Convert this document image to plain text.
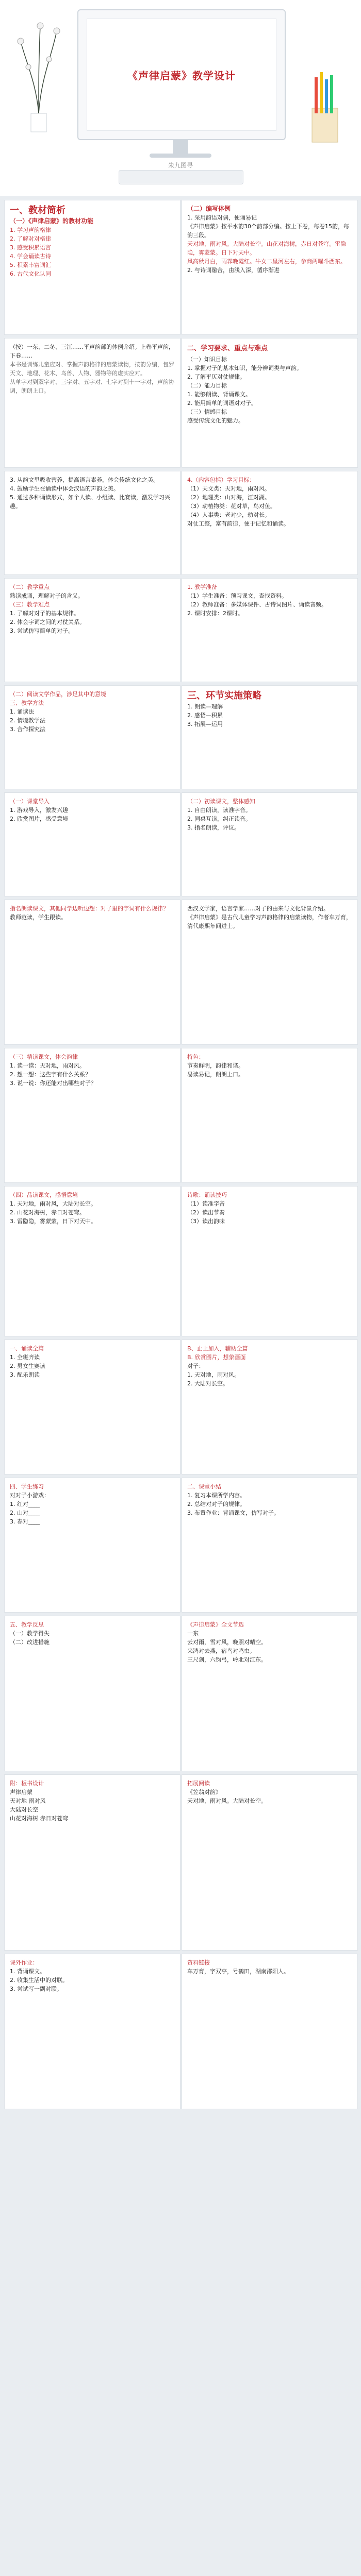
《声律启蒙》教学设计
朱九图寻
一、教材简析
（一）《声律启蒙》的教材功能
1. 学习声韵格律
2. 了解对对格律
3. 感受积累语言
4. 学会诵读古诗
5. 积累丰富词汇
6. 古代文化认同
（二）编写体例
1. 采用韵语对偶，便诵易记
《声律启蒙》按平水韵30个韵部分编。按上下卷，每卷15韵，每韵三段。
天对地，雨对风。大陆对长空。山花对海树，赤日对苍穹。雷隐隐，雾蒙蒙。日下对天中。
风高秋月白，雨霁晚霞红。牛女二星河左右，参商两曜斗西东。
2. 与诗词融合，由浅入深，循序渐进
（按）一东、二冬、三江……平声韵部的体例介绍。上卷平声韵，下卷……
本书是训练儿童应对、掌握声韵格律的启蒙读物，按韵分编，包罗天文、地理、花木、鸟兽、人物、器物等的虚实应对。
从单字对到双字对、三字对、五字对、七字对到十一字对，声韵协调，朗朗上口。
二、学习要求、重点与难点
（一）知识目标
1. 掌握对子的基本知识，能分辨词类与声韵。
2. 了解平仄对仗规律。
（二）能力目标
1. 能够朗读、背诵课文。
2. 能用简单的词语对对子。
（三）情感目标
感受传统文化的魅力。
3. 从韵文里吸收营养，提高语言素养，体会传统文化之美。
4. 鼓励学生在诵读中体会汉语的声韵之美。
5. 通过多种诵读形式，如个人读、小组读、比赛读，激发学习兴趣。
4.（内容包括）学习目标：
（1）天文类：天对地，雨对风。
（2）地理类：山对海，江对湖。
（3）动植物类：花对草，鸟对鱼。
（4）人事类：老对少，幼对长。
对仗工整，富有韵律，便于记忆和诵读。
（二）教学重点
熟读成诵，理解对子的含义。
（三）教学难点
1. 了解对对子的基本规律。
2. 体会字词之间的对仗关系。
3. 尝试仿写简单的对子。
1. 教学准备
（1）学生准备：预习课文，查找资料。
（2）教师准备：多媒体课件、古诗词图片、诵读音频。
2. 课时安排：2课时。
（二）阅读文学作品，涉足其中的意境
三、教学方法
1. 诵读法
2. 情境教学法
3. 合作探究法
三、环节实施策略
1. 朗读—理解
2. 感悟—积累
3. 拓展—运用
（一）课堂导入
1. 游戏导入，激发兴趣
2. 欣赏图片，感受意境
（二）初读课文，整体感知
1. 自由朗读，读准字音。
2. 同桌互读，纠正读音。
3. 指名朗读，评议。
指名朗读课文，其他同学边听边想：对子里的字词有什么规律？
教师范读，学生跟读。
西汉文学家，语言学家……对子的由来与文化背景介绍。
《声律启蒙》是古代儿童学习声韵格律的启蒙读物，作者车万育，清代康熙年间进士。
（三）精读课文，体会韵律
1. 读一读：天对地，雨对风。
2. 想一想：这些字有什么关系？
3. 说一说：你还能对出哪些对子？
特色：
节奏鲜明，韵律和谐。
易读易记，朗朗上口。
（四）品读课文，感悟意境
1. 天对地，雨对风，大陆对长空。
2. 山花对海树，赤日对苍穹。
3. 雷隐隐，雾蒙蒙，日下对天中。
诗歌：诵读技巧
（1）读准字音
（2）读出节奏
（3）读出韵味
一、诵读全篇
1. 全班齐读
2. 男女生赛读
3. 配乐朗读
B、止上加入，辅助全篇
B. 欣赏图片，想象画面
对子：
1. 天对地，雨对风。
2. 大陆对长空。
四、学生练习
对对子小游戏：
1. 红对____
2. 山对____
3. 春对____
二、课堂小结
1. 复习本课所学内容。
2. 总结对对子的规律。
3. 布置作业：背诵课文，仿写对子。
五、教学反思
（一）教学得失
（二）改进措施
《声律启蒙》全文节选
一东
云对雨，雪对风，晚照对晴空。
来鸿对去燕，宿鸟对鸣虫。
三尺剑，六钧弓，岭北对江东。
附：板书设计
声律启蒙
天对地 雨对风
大陆对长空
山花对海树 赤日对苍穹
拓展阅读
《笠翁对韵》
天对地，雨对风。大陆对长空。
课外作业：
1. 背诵课文。
2. 收集生活中的对联。
3. 尝试写一副对联。
资料链接
车万育，字双亭，号鹤田，湖南邵阳人。
